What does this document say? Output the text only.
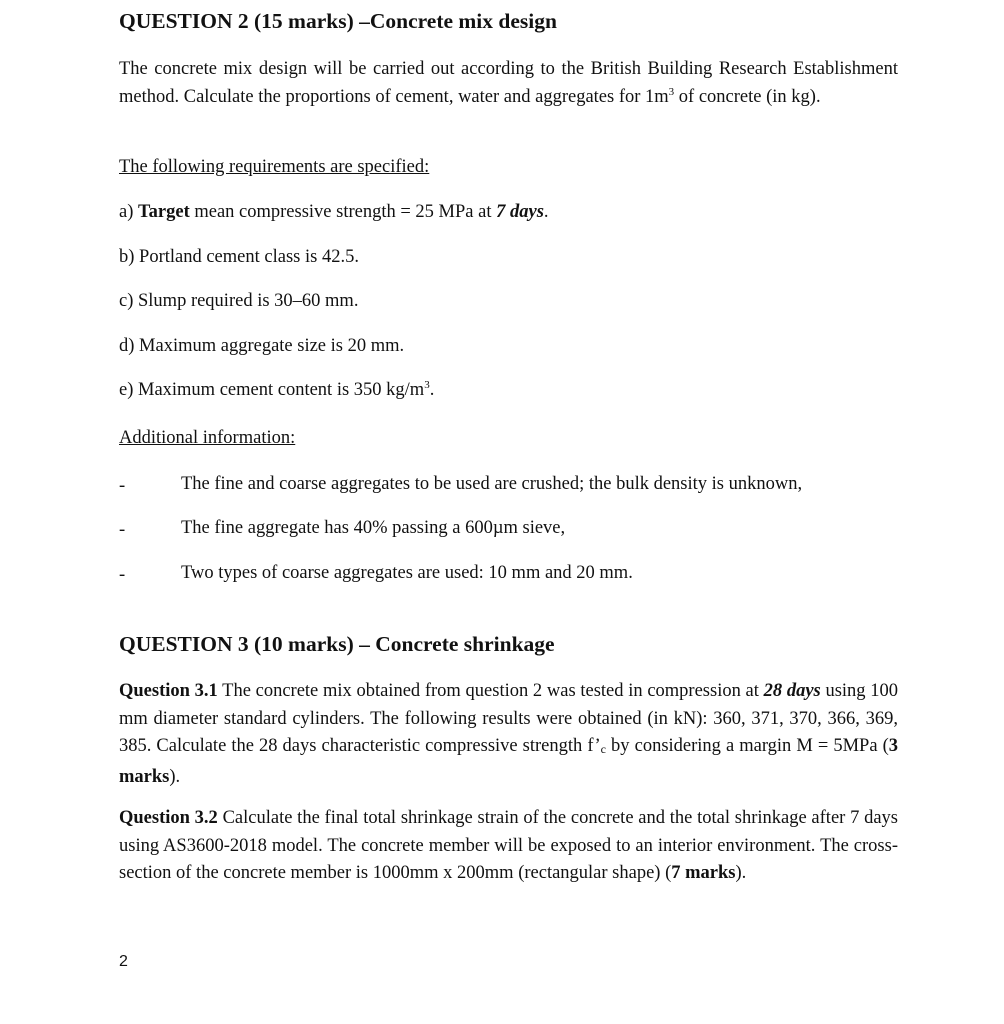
QUESTION 2 (15 marks) –Concrete mix design

The concrete mix design will be carried out according to the British Building Research Establishment method. Calculate the proportions of cement, water and aggregates for $1m^3$ of concrete (in kg).

The following requirements are specified:

a) Target mean compressive strength = 25 MPa at 7 days.

b) Portland cement class is 42.5.

c) Slump required is 30–60 mm.

d) Maximum aggregate size is 20 mm.

e) Maximum cement content is 350 $kg/m^3$.

Additional information:

-	The fine and coarse aggregates to be used are crushed; the bulk density is unknown,
-	The fine aggregate has 40% passing a 600µm sieve,
-	Two types of coarse aggregates are used: 10 mm and 20 mm.

QUESTION 3 (10 marks) – Concrete shrinkage

Question 3.1 The concrete mix obtained from question 2 was tested in compression at 28 days using 100 mm diameter standard cylinders. The following results were obtained (in kN): 360, 371, 370, 366, 369, 385. Calculate the 28 days characteristic compressive strength f’c by considering a margin M = 5MPa (3 marks).

Question 3.2 Calculate the final total shrinkage strain of the concrete and the total shrinkage after 7 days using AS3600-2018 model. The concrete member will be exposed to an interior environment. The cross-section of the concrete member is 1000mm x 200mm (rectangular shape) (7 marks).

2
